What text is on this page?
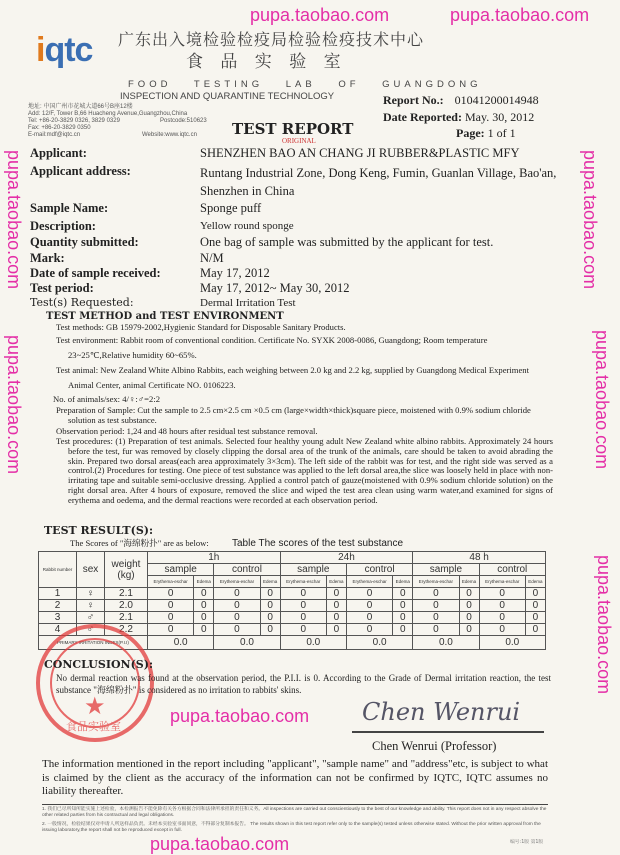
iqtc 广东出入境检验检疫局检验检疫技术中心
食 品 实 验 室
FOOD TESTING LAB OF GUANGDONG
INSPECTION AND QUARANTINE TECHNOLOGY	Report No.: 01041200014948
Date Reported: May. 30, 2012
Page: 1 of 1
TEST REPORT
ORIGINAL
地址: 中国广州市花城大道66号B座12楼
Add: 12/F, Tower B,66 Huacheng Avenue,Guangzhou,China
Tel: +86-20-3829 0326, 3829 0329	Postcode:510623
Fax: +86-20-3829 0350
E-mail:mdf@iqtc.cn	Website:www.iqtc.cn
Applicant:	SHENZHEN BAO AN CHANG JI RUBBER&PLASTIC MFY
Applicant address:	Runtang Industrial Zone, Dong Keng, Fumin, Guanlan Village, Bao'an, Shenzhen in China
Sample Name:	Sponge puff
Description:	Yellow round sponge
Quantity submitted:	One bag of sample was submitted by the applicant for test.
Mark:	N/M
Date of sample received:	May 17, 2012
Test period:	May 17, 2012~ May 30, 2012
Test(s) Requested:	Dermal Irritation Test
TEST METHOD and TEST ENVIRONMENT
Test methods: GB 15979-2002,Hygienic Standard for Disposable Sanitary Products.
Test environment: Rabbit room of conventional condition. Certificate No. SYXK 2008-0086, Guangdong; Room temperature 23~25℃,Relative humidity 60~65%.
Test animal: New Zealand White Albino Rabbits, each weighing between 2.0 kg and 2.2 kg, supplied by Guangdong Medical Experiment Animal Center, animal Certificate NO. 0106223.
No. of animals/sex: 4/♀:♂=2:2
Preparation of Sample: Cut the sample to 2.5 cm×2.5 cm ×0.5 cm (large×width×thick)square piece, moistened with 0.9% sodium chloride solution as test substance.
Observation period: 1,24 and 48 hours after residual test substance removal.
Test procedures: (1) Preparation of test animals. Selected four healthy young adult New Zealand white albino rabbits. Approximately 24 hours before the test, fur was removed by closely clipping the dorsal area of the trunk of the animals, care should be taken to avoid abrading the skin. Prepared two dorsal areas(each area approximately 3×3cm). The left side of the rabbit was for test, and the right side was served as a control.(2) Procedures for testing. One piece of test substance was applied to the left dorsal area,the slice was loosely held in place with non-irritating tape and suitable semi-occlusive dressing. Applied a control patch of gauze(moistened with 0.9% sodium chloride solution) on the right dorsal area. After 4 hours of exposure, removed the slice and wiped the test area clean using warm water,and examined for signs of erythema and oedema, and the dermal reactions were recorded at each observation period.
TEST RESULT(S):
The Scores of "海绵粉扑" are as below: Table The scores of the test substance
Rabbit number	sex	weight (kg)	1h				24h				48 h			
			sample		control		sample		control		sample		control	
			Erythema-eschar	Edema	Erythema-eschar	Edema	Erythema-eschar	Edema	Erythema-eschar	Edema	Erythema-eschar	Edema	Erythema-eschar	Edema
1	♀	2.1	0	0	0	0	0	0	0	0	0	0	0	0
2	♀	2.0	0	0	0	0	0	0	0	0	0	0	0	0
3	♂	2.1	0	0	0	0	0	0	0	0	0	0	0	0
4	♂	2.2	0	0	0	0	0	0	0	0	0	0	0	0
PRIMARY IRRITATION INDEX(P.I.I)			0.0		0.0		0.0		0.0		0.0		0.0	
★
食品实验室
CONCLUSION(S):
No dermal reaction was found at the observation period, the P.I.I. is 0. According to the Grade of Dermal irritation reaction, the test substance "海绵粉扑" is considered as no irritation to rabbits' skins.
Chen Wenrui
Chen Wenrui (Professor)
The information mentioned in the report including "applicant", "sample name" and "address"etc, is subject to what is claimed by the client as the accuracy of the information can not be confirmed by IQTC, IQTC assumes no liability thereafter.
1. 我们已尽所知所能实施上述检验，本检测报告不能免除有关各方根据合同和法律所承担的责任和义务。All inspections are carried out conscientiously to the best of our knowledge and ability. This report does not in any respect absolve the other related parties from his contractual and legal obligations.
2. 一般情况，检验结果仅对申请人所送样品负责。未经本实验室书面同意，不得部分复制本报告。 The results shown in this test report refer only to the sample(s) tested unless otherwise stated. Without the prior written approval from the issuing laboratory,the report shall not be reproduced except in full.
编号:1版 第1版
pupa.taobao.com	pupa.taobao.com
pupa.taobao.com	pupa.taobao.com
pupa.taobao.com	pupa.taobao.com
pupa.taobao.com
pupa.taobao.com
pupa.taobao.com
